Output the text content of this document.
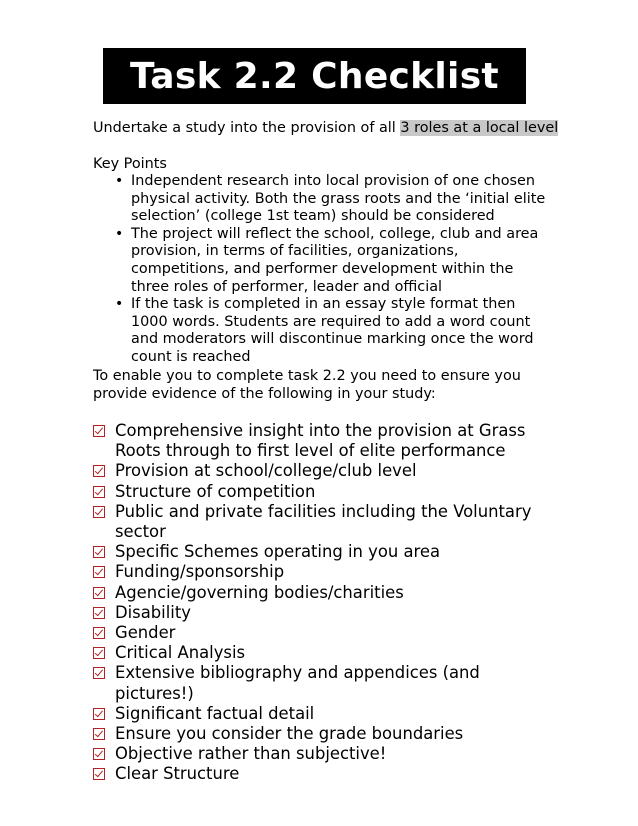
Task 2.2 Checklist
Undertake a study into the provision of all 3 roles at a local level
Key Points
• Independent research into local provision of one chosen physical activity. Both the grass roots and the ‘initial elite selection’ (college 1st team) should be considered
• The project will reflect the school, college, club and area provision, in terms of facilities, organizations, competitions, and performer development within the three roles of performer, leader and official
• If the task is completed in an essay style format then 1000 words. Students are required to add a word count and moderators will discontinue marking once the word count is reached
To enable you to complete task 2.2 you need to ensure you provide evidence of the following in your study:
Comprehensive insight into the provision at Grass Roots through to first level of elite performance
Provision at school/college/club level
Structure of competition
Public and private facilities including the Voluntary sector
Specific Schemes operating in you area
Funding/sponsorship
Agencie/governing bodies/charities
Disability
Gender
Critical Analysis
Extensive bibliography and appendices (and pictures!)
Significant factual detail
Ensure you consider the grade boundaries
Objective rather than subjective!
Clear Structure
